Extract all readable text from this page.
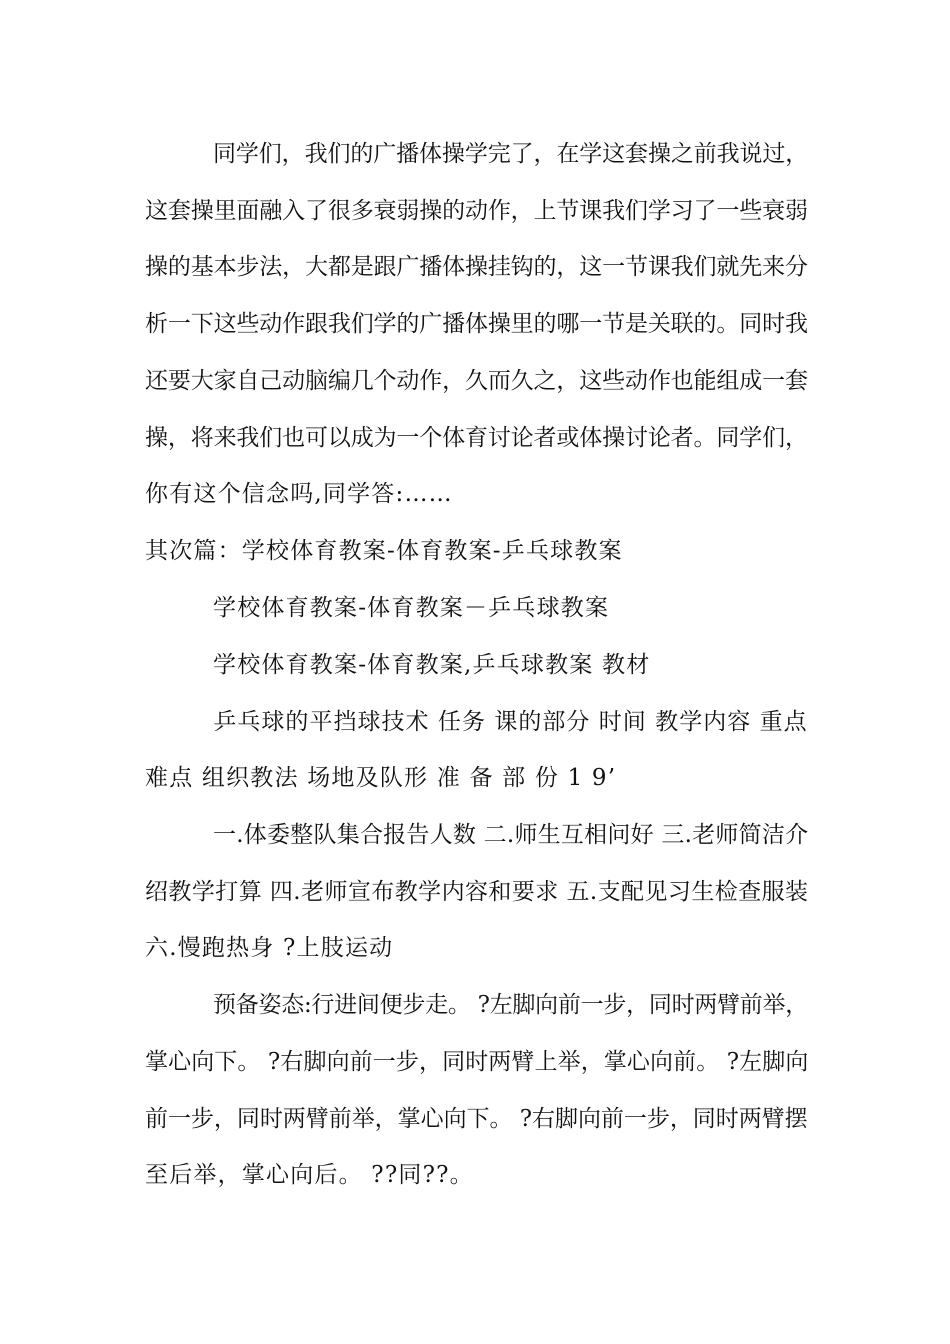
同学们，我们的广播体操学完了，在学这套操之前我说过，
这套操里面融入了很多衰弱操的动作，上节课我们学习了一些衰弱
操的基本步法，大都是跟广播体操挂钩的，这一节课我们就先来分
析一下这些动作跟我们学的广播体操里的哪一节是关联的。同时我
还要大家自己动脑编几个动作，久而久之，这些动作也能组成一套
操，将来我们也可以成为一个体育讨论者或体操讨论者。同学们，
你有这个信念吗,同学答:……
其次篇：学校体育教案-体育教案-乒乓球教案
学校体育教案-体育教案－乒乓球教案
学校体育教案-体育教案,乒乓球教案 教材
乒乓球的平挡球技术 任务 课的部分 时间 教学内容 重点
难点 组织教法 场地及队形 准 备 部 份 1 9’
一.体委整队集合报告人数 二.师生互相问好 三.老师简洁介
绍教学打算 四.老师宣布教学内容和要求 五.支配见习生检查服装
六.慢跑热身 ?上肢运动
预备姿态:行进间便步走。 ?左脚向前一步，同时两臂前举，
掌心向下。 ?右脚向前一步，同时两臂上举，掌心向前。 ?左脚向
前一步，同时两臂前举，掌心向下。 ?右脚向前一步，同时两臂摆
至后举，掌心向后。 ??同??。
